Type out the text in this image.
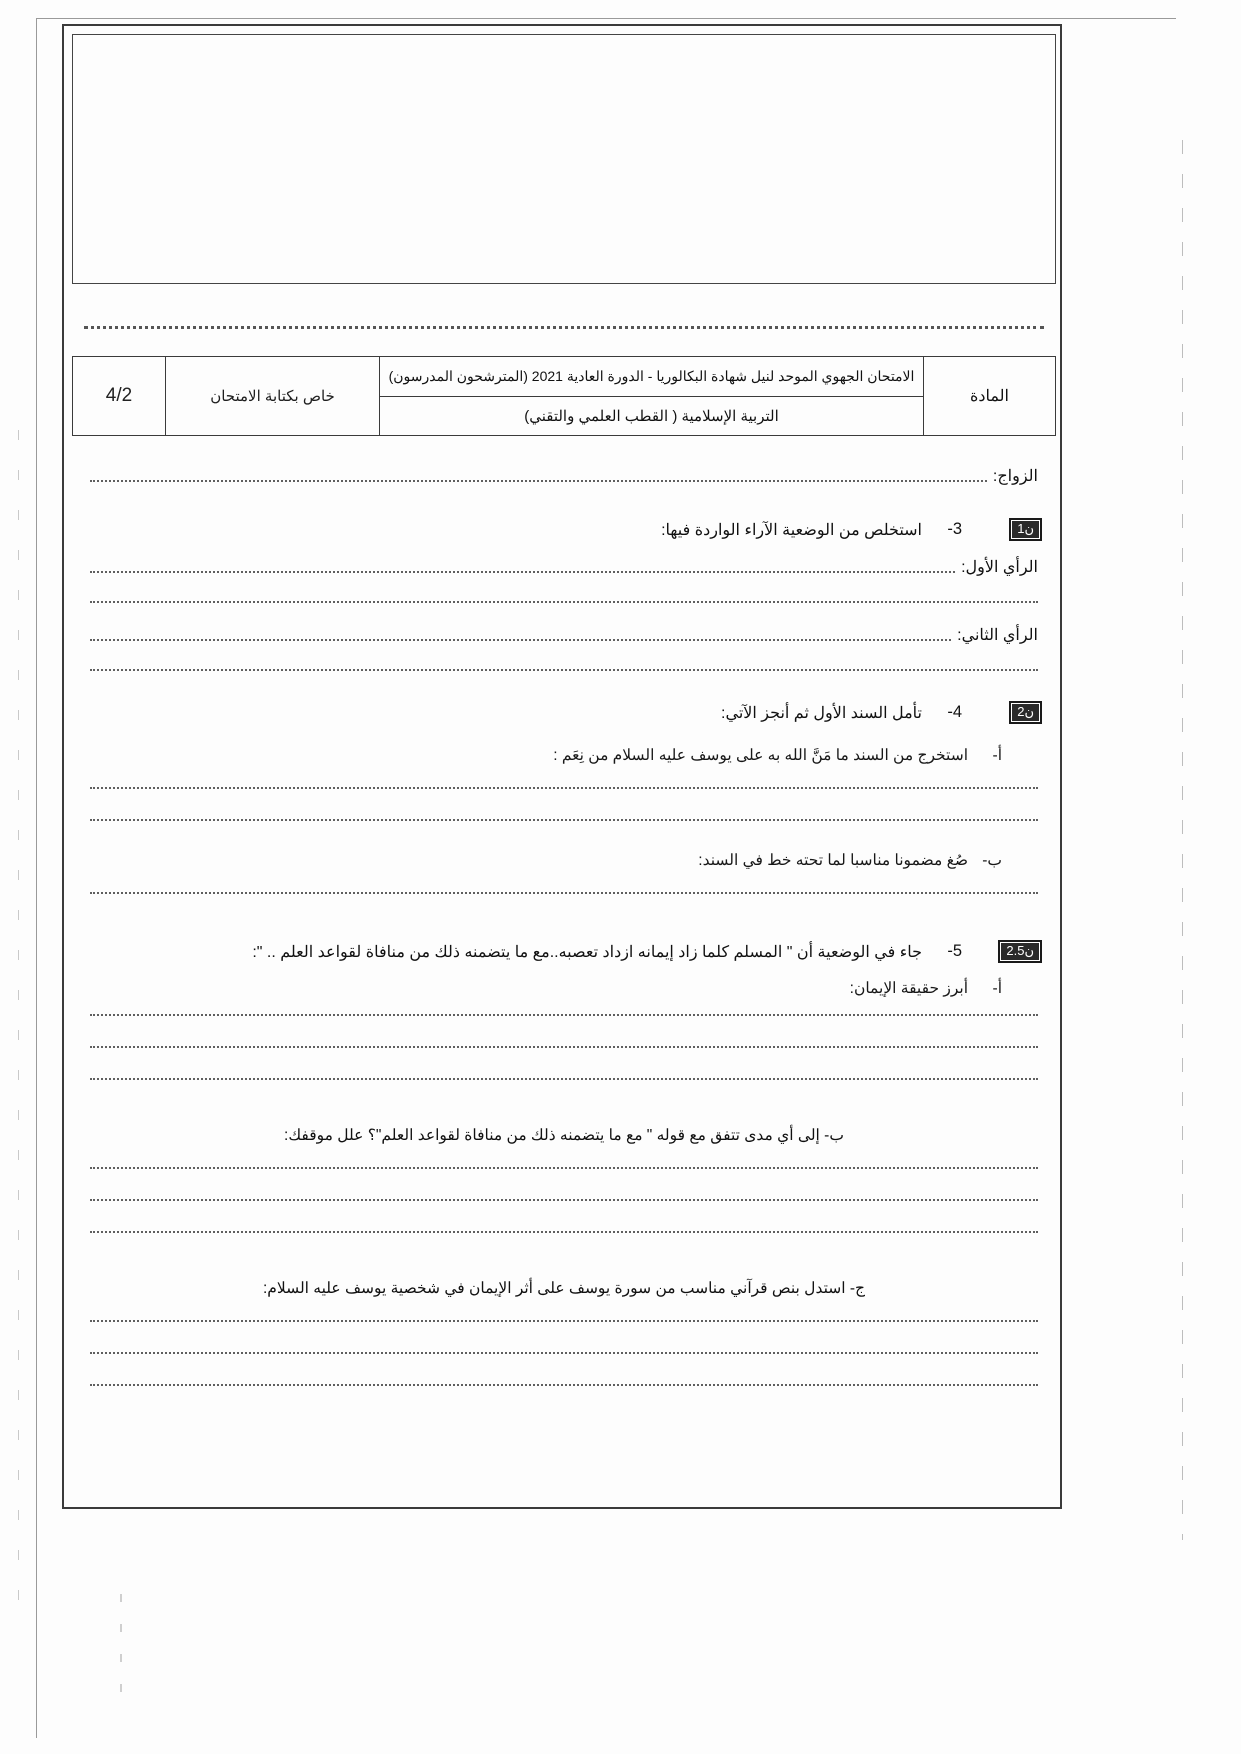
المادة
الامتحان الجهوي الموحد لنيل شهادة البكالوريا - الدورة العادية 2021 (المترشحون المدرسون)
التربية الإسلامية ( القطب العلمي والتقني)
خاص بكتابة الامتحان
4/2
الزواج:
ن1
3-
استخلص من الوضعية الآراء الواردة فيها:
الرأي الأول:
الرأي الثاني:
ن2
4-
تأمل السند الأول ثم أنجز الآتي:
أ-
استخرج من السند ما مَنَّ الله به على يوسف عليه السلام من نِعَم :
ب-
صُغ مضمونا مناسبا لما تحته خط في السند:
ن2.5
5-
جاء في الوضعية أن " المسلم كلما زاد إيمانه ازداد تعصبه..مع ما يتضمنه ذلك من منافاة لقواعد العلم .. ":
أ-
أبرز حقيقة الإيمان:
ب- إلى أي مدى تتفق مع قوله " مع ما يتضمنه ذلك من منافاة لقواعد العلم"؟ علل موقفك:
ج- استدل بنص قرآني مناسب من سورة يوسف على أثر الإيمان في شخصية يوسف عليه السلام:
